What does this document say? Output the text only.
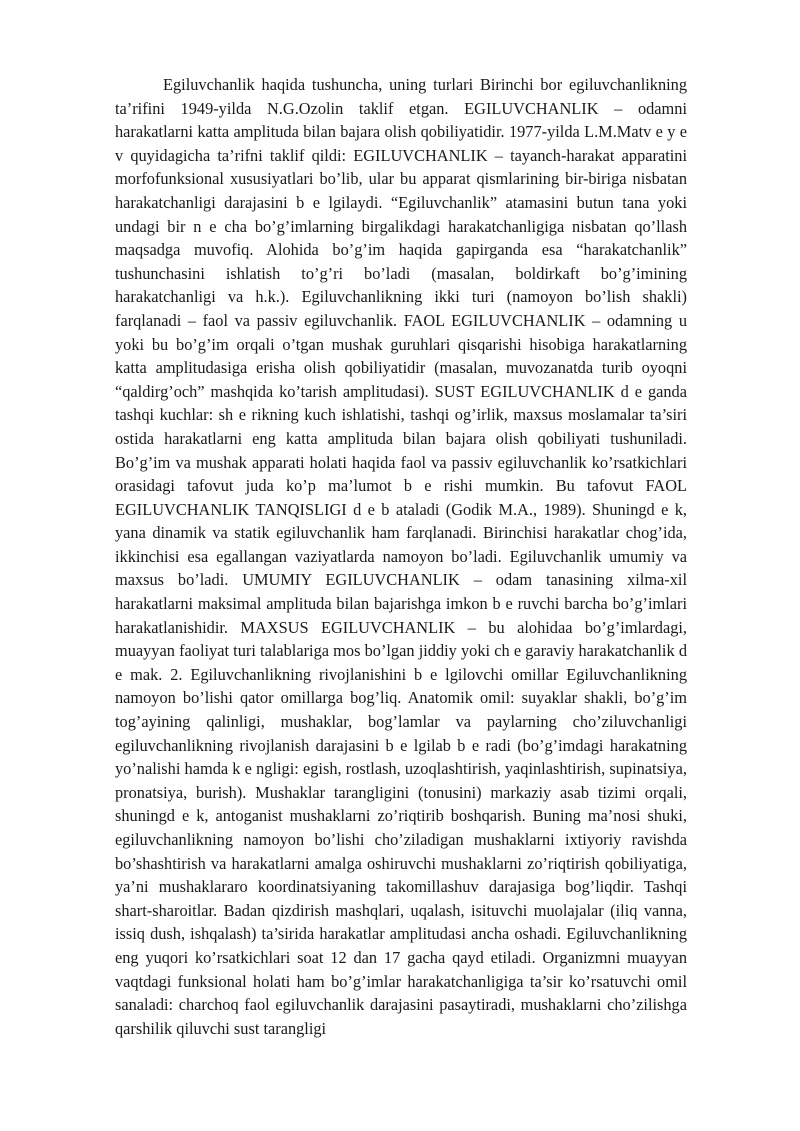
Egiluvchanlik haqida tushuncha, uning turlari Birinchi bor egiluvchanlikning ta’rifini 1949-yilda N.G.Ozolin taklif etgan. EGILUVCHANLIK – odamni harakatlarni katta amplituda bilan bajara olish qobiliyatidir. 1977-yilda L.M.Matv e y e v quyidagicha ta’rifni taklif qildi: EGILUVCHANLIK – tayanch-harakat apparatini morfofunksional xususiyatlari bo’lib, ular bu apparat qismlarining bir-biriga nisbatan harakatchanligi darajasini b e lgilaydi. “Egiluvchanlik” atamasini butun tana yoki undagi bir n e cha bo’g’imlarning birgalikdagi harakatchanligiga nisbatan qo’llash maqsadga muvofiq. Alohida bo’g’im haqida gapirganda esa “harakatchanlik” tushunchasini ishlatish to’g’ri bo’ladi (masalan, boldirkaft bo’g’imining harakatchanligi va h.k.). Egiluvchanlikning ikki turi (namoyon bo’lish shakli) farqlanadi – faol va passiv egiluvchanlik. FAOL EGILUVCHANLIK – odamning u yoki bu bo’g’im orqali o’tgan mushak guruhlari qisqarishi hisobiga harakatlarning katta amplitudasiga erisha olish qobiliyatidir (masalan, muvozanatda turib oyoqni “qaldirg’och” mashqida ko’tarish amplitudasi). SUST EGILUVCHANLIK d e ganda tashqi kuchlar: sh e rikning kuch ishlatishi, tashqi og’irlik, maxsus moslamalar ta’siri ostida harakatlarni eng katta amplituda bilan bajara olish qobiliyati tushuniladi. Bo’g’im va mushak apparati holati haqida faol va passiv egiluvchanlik ko’rsatkichlari orasidagi tafovut juda ko’p ma’lumot b e rishi mumkin. Bu tafovut FAOL EGILUVCHANLIK TANQISLIGI d e b ataladi (Godik M.A., 1989). Shuningd e k, yana dinamik va statik egiluvchanlik ham farqlanadi. Birinchisi harakatlar chog’ida, ikkinchisi esa egallangan vaziyatlarda namoyon bo’ladi. Egiluvchanlik umumiy va maxsus bo’ladi. UMUMIY EGILUVCHANLIK – odam tanasining xilma-xil harakatlarni maksimal amplituda bilan bajarishga imkon b e ruvchi barcha bo’g’imlari harakatlanishidir. MAXSUS EGILUVCHANLIK – bu alohidaa bo’g’imlardagi, muayyan faoliyat turi talablariga mos bo’lgan jiddiy yoki ch e garaviy harakatchanlik d e mak. 2. Egiluvchanlikning rivojlanishini b e lgilovchi omillar Egiluvchanlikning namoyon bo’lishi qator omillarga bog’liq. Anatomik omil: suyaklar shakli, bo’g’im tog’ayining qalinligi, mushaklar, bog’lamlar va paylarning cho’ziluvchanligi egiluvchanlikning rivojlanish darajasini b e lgilab b e radi (bo’g’imdagi harakatning yo’nalishi hamda k e ngligi: egish, rostlash, uzoqlashtirish, yaqinlashtirish, supinatsiya, pronatsiya, burish). Mushaklar tarangligini (tonusini) markaziy asab tizimi orqali, shuningd e k, antoganist mushaklarni zo’riqtirib boshqarish. Buning ma’nosi shuki, egiluvchanlikning namoyon bo’lishi cho’ziladigan mushaklarni ixtiyoriy ravishda bo’shashtirish va harakatlarni amalga oshiruvchi mushaklarni zo’riqtirish qobiliyatiga, ya’ni mushaklararo koordinatsiyaning takomillashuv darajasiga bog’liqdir. Tashqi shart-sharoitlar. Badan qizdirish mashqlari, uqalash, isituvchi muolajalar (iliq vanna, issiq dush, ishqalash) ta’sirida harakatlar amplitudasi ancha oshadi. Egiluvchanlikning eng yuqori ko’rsatkichlari soat 12 dan 17 gacha qayd etiladi. Organizmni muayyan vaqtdagi funksional holati ham bo’g’imlar harakatchanligiga ta’sir ko’rsatuvchi omil sanaladi: charchoq faol egiluvchanlik darajasini pasaytiradi, mushaklarni cho’zilishga qarshilik qiluvchi sust tarangligi
